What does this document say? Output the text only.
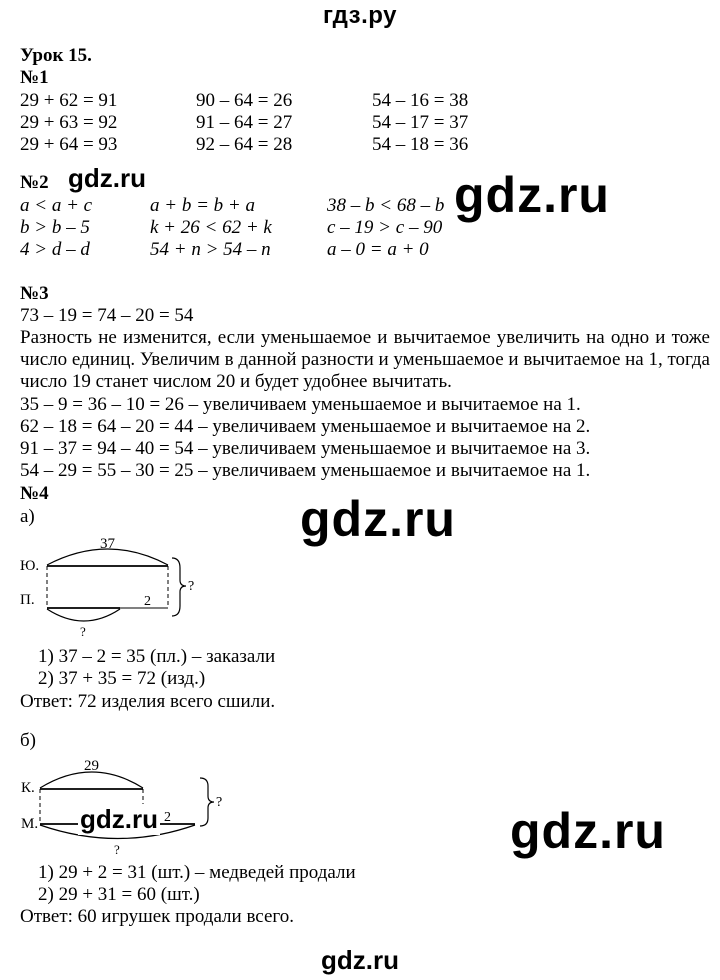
гдз.ру
Урок 15.
№1
29 + 62 = 91	90 – 64 = 26	54 – 16 = 38
29 + 63 = 92	91 – 64 = 27	54 – 17 = 37
29 + 64 = 93	92 – 64 = 28	54 – 18 = 36
№2
a < a + c	a + b = b + a	38 – b < 68 – b
b > b – 5	k + 26 < 62 + k	c – 19 > c – 90
4 > d – d	54 + n > 54 – n	a – 0 = a + 0
gdz.ru	gdz.ru
№3
73 – 19 = 74 – 20 = 54
Разность не изменится, если уменьшаемое и вычитаемое увеличить на одно и тоже число единиц. Увеличим в данной разности и уменьшаемое и вычитаемое на 1, тогда число 19 станет числом 20 и будет удобнее вычитать.
35 – 9 = 36 – 10 = 26 – увеличиваем уменьшаемое и вычитаемое на 1.
62 – 18 = 64 – 20 = 44 – увеличиваем уменьшаемое и вычитаемое на 2.
91 – 37 = 94 – 40 = 54 – увеличиваем уменьшаемое и вычитаемое на 3.
54 – 29 = 55 – 30 = 25 – увеличиваем уменьшаемое и вычитаемое на 1.
№4
а)	gdz.ru
37
Ю.
П.	2
?
?
1) 37 – 2 = 35 (пл.) – заказали
2) 37 + 35 = 72 (изд.)
Ответ: 72 изделия всего сшили.
б)
29
К.
М.	2
?
?
gdz.ru	gdz.ru
1) 29 + 2 = 31 (шт.) – медведей продали
2) 29 + 31 = 60 (шт.)
Ответ: 60 игрушек продали всего.
gdz.ru
